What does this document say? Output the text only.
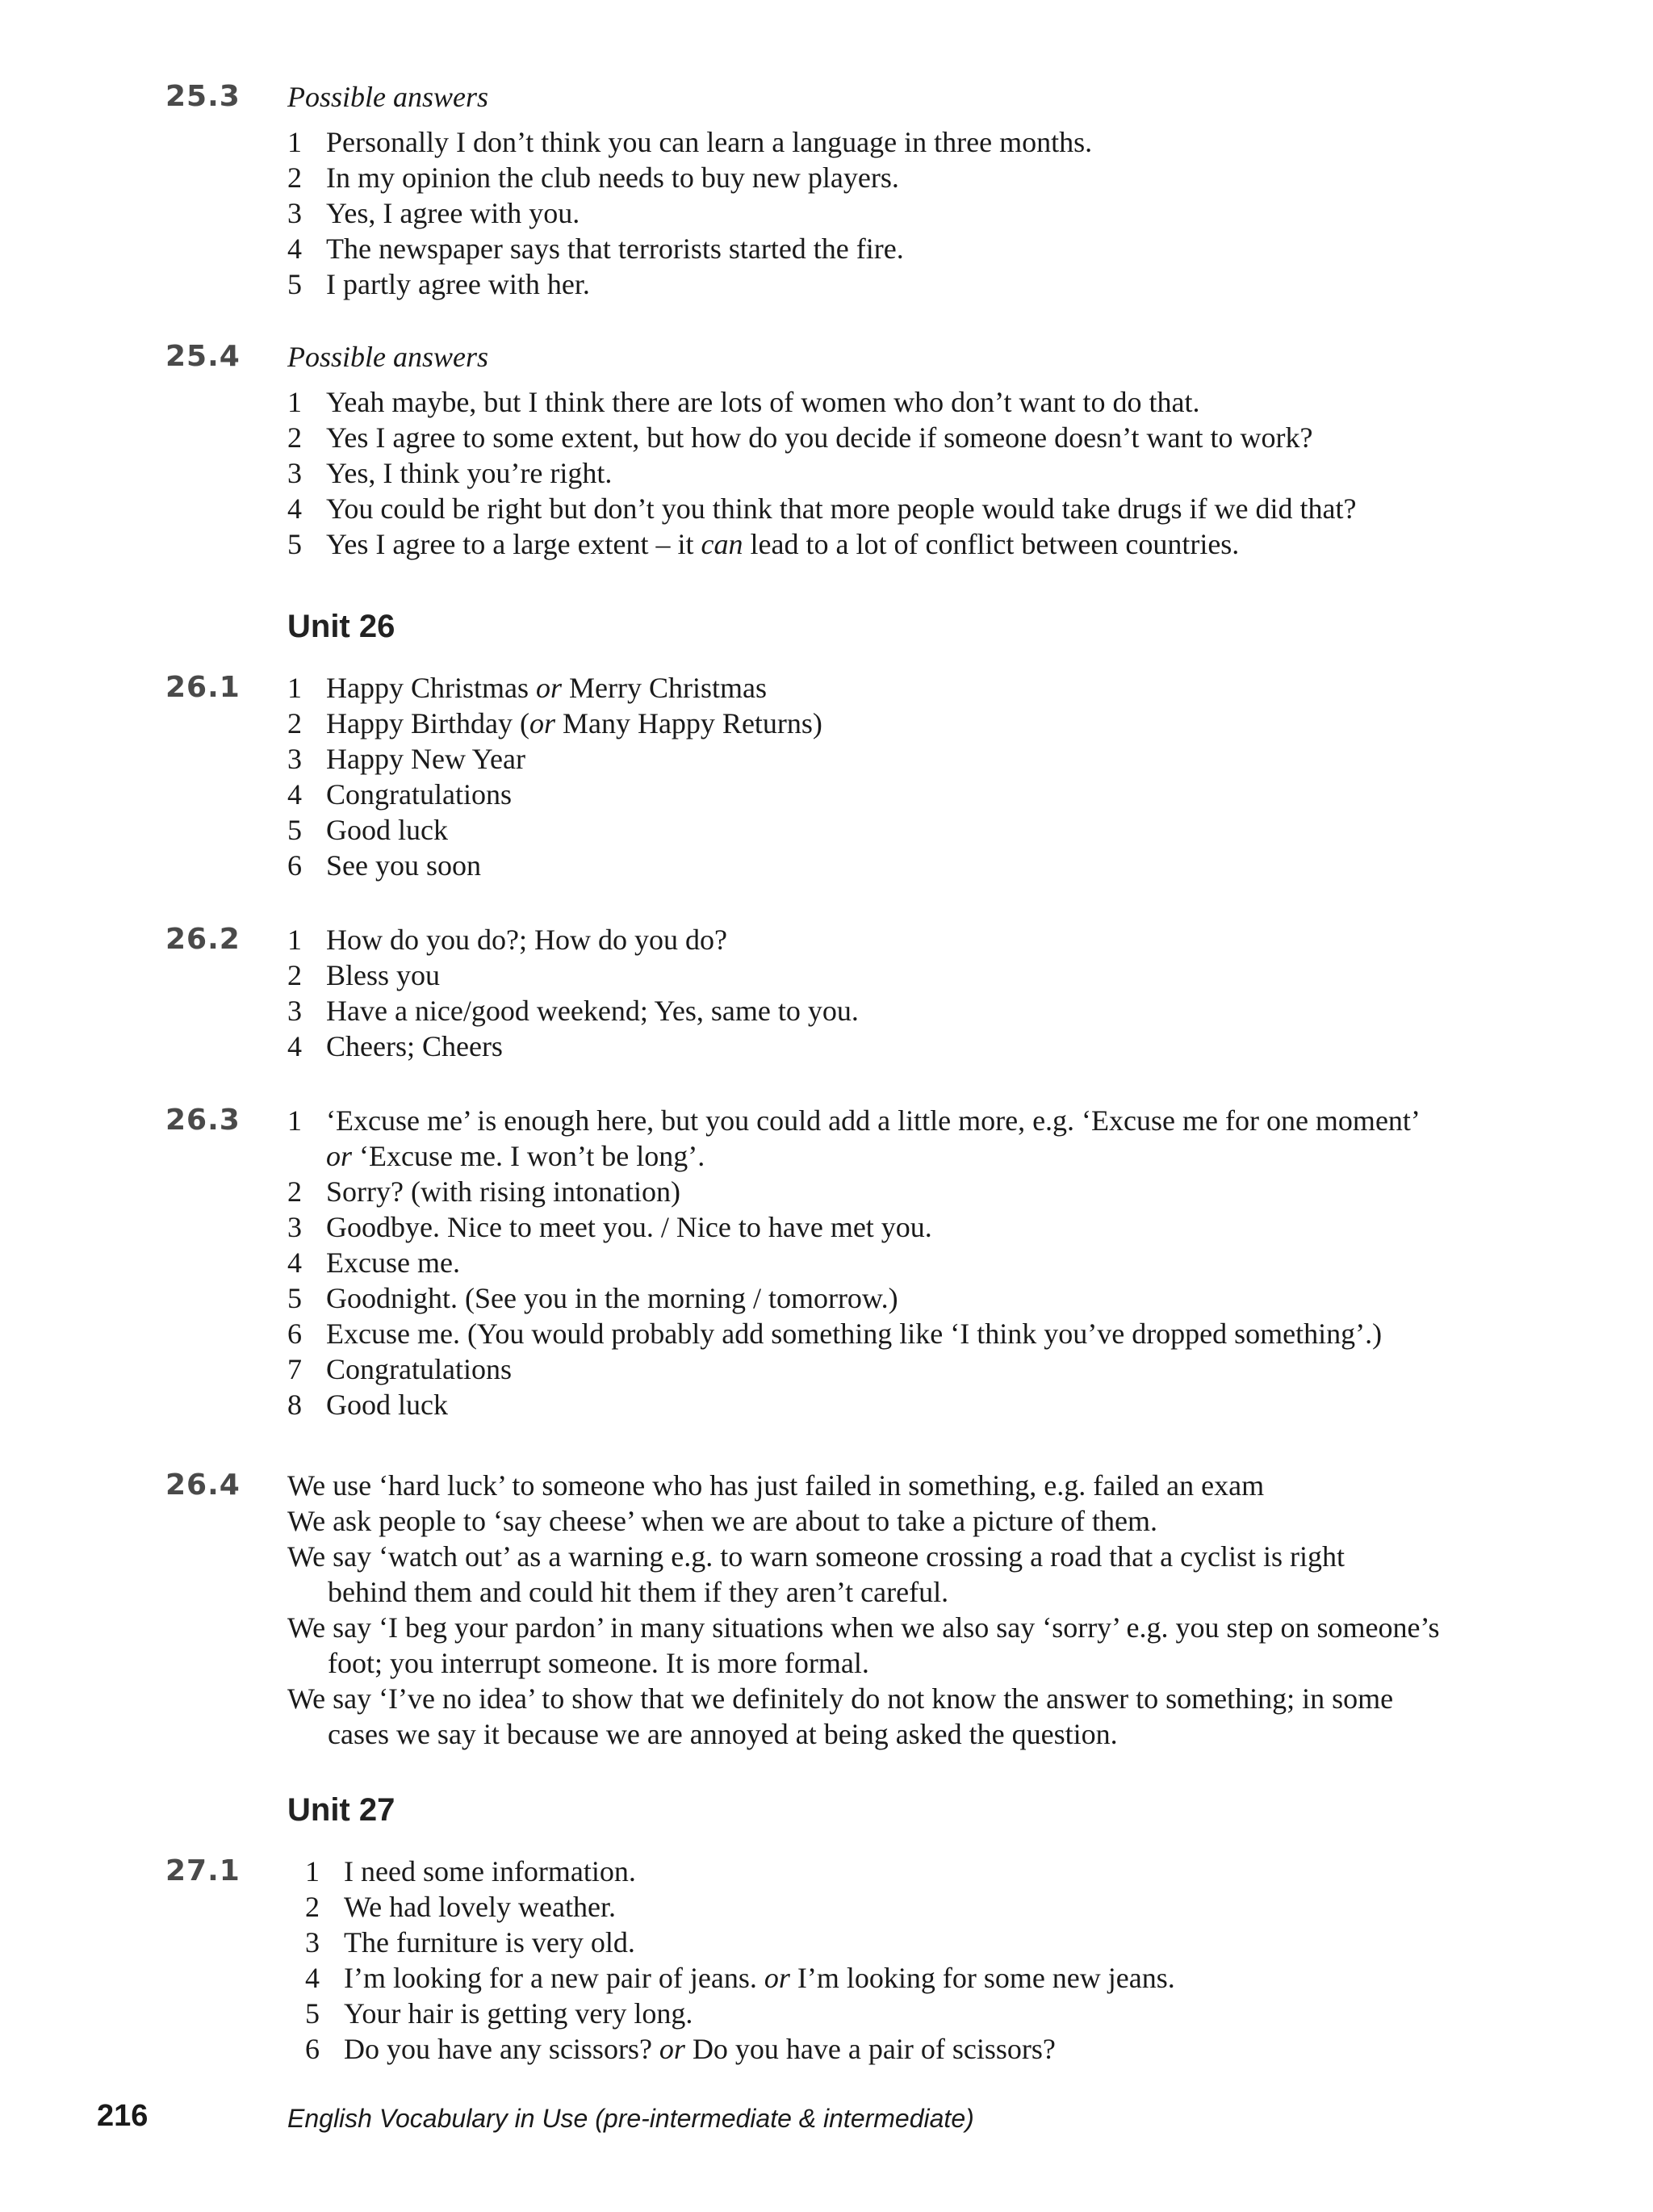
25.3 Possible answers
1 Personally I don’t think you can learn a language in three months.
2 In my opinion the club needs to buy new players.
3 Yes, I agree with you.
4 The newspaper says that terrorists started the fire.
5 I partly agree with her.
25.4 Possible answers
1 Yeah maybe, but I think there are lots of women who don’t want to do that.
2 Yes I agree to some extent, but how do you decide if someone doesn’t want to work?
3 Yes, I think you’re right.
4 You could be right but don’t you think that more people would take drugs if we did that?
5 Yes I agree to a large extent – it can lead to a lot of conflict between countries.
Unit 26
26.1 1 Happy Christmas or Merry Christmas
2 Happy Birthday (or Many Happy Returns)
3 Happy New Year
4 Congratulations
5 Good luck
6 See you soon
26.2 1 How do you do?; How do you do?
2 Bless you
3 Have a nice/good weekend; Yes, same to you.
4 Cheers; Cheers
26.3 1 ‘Excuse me’ is enough here, but you could add a little more, e.g. ‘Excuse me for one moment’
or ‘Excuse me. I won’t be long’.
2 Sorry? (with rising intonation)
3 Goodbye. Nice to meet you. / Nice to have met you.
4 Excuse me.
5 Goodnight. (See you in the morning / tomorrow.)
6 Excuse me. (You would probably add something like ‘I think you’ve dropped something’.)
7 Congratulations
8 Good luck
26.4 We use ‘hard luck’ to someone who has just failed in something, e.g. failed an exam
We ask people to ‘say cheese’ when we are about to take a picture of them.
We say ‘watch out’ as a warning e.g. to warn someone crossing a road that a cyclist is right
behind them and could hit them if they aren’t careful.
We say ‘I beg your pardon’ in many situations when we also say ‘sorry’ e.g. you step on someone’s
foot; you interrupt someone. It is more formal.
We say ‘I’ve no idea’ to show that we definitely do not know the answer to something; in some
cases we say it because we are annoyed at being asked the question.
Unit 27
27.1 1 I need some information.
2 We had lovely weather.
3 The furniture is very old.
4 I’m looking for a new pair of jeans. or I’m looking for some new jeans.
5 Your hair is getting very long.
6 Do you have any scissors? or Do you have a pair of scissors?
216	English Vocabulary in Use (pre-intermediate & intermediate)
